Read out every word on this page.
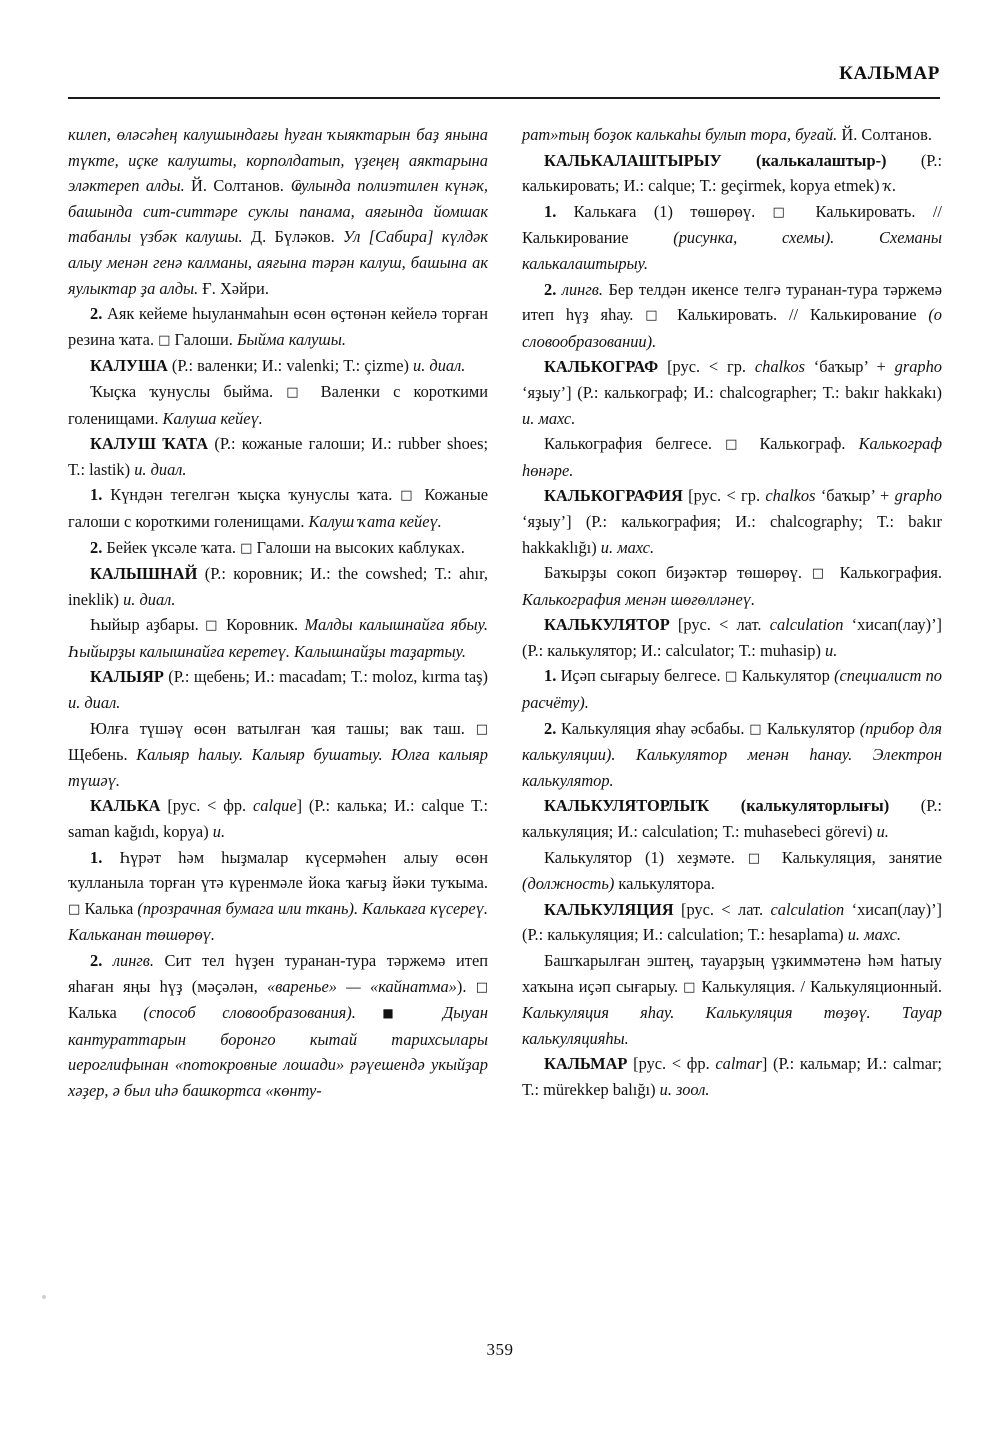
КАЛЬМАР

килеп, өләсәһең калушындағы һуған ҡыяктарын баҙ янына түкте, иҫке калушты, корполдатып, үҙеңең аяктарына эләктереп алды. Й. Солтанов. Ҩулында полиэтилен күнәк, башында сит-ситтәре суклы панама, аяғында йомшак табанлы үзбәк калушы. Д. Бүләков. Ул [Сабира] күлдәк алыу менән генә калманы, аяғына тәрән калуш, башына ак яулыктар ҙа алды. Ғ. Хәйри.

2. Аяк кейеме һыуланмаһын өсөн өҫтөнән кейелә торған резина ҡата. □ Галоши. Быйма калушы.

КАЛУША (Р.: валенки; И.: valenki; Т.: çizme) и. диал.

Ҡыҫка ҡунyслы быйма. □ Валенки с короткими голенищами. Калуша кейеү.

КАЛУШ ҠАТА (Р.: кожаные галоши; И.: rubber shoes; Т.: lastik) и. диал.

1. Күндән тегелгән ҡыҫка ҡунyслы ҡата. □ Кожаные галоши с короткими голенищами. Калуш ҡата кейеү.

2. Бейек үксәле ҡата. □ Галоши на высоких каблуках.

КАЛЫШНАЙ (Р.: коровник; И.: the cowshed; Т.: ahır, ineklik) и. диал.

Һыйыр аҙбары. □ Коровник. Малды калышнайға ябыу. Һыйырҙы калышнайға керетеү. Калышнайҙы таҙартыу.

КАЛЫЯР (Р.: щебень; И.: macadam; Т.: moloz, kırma taş) и. диал.

Юлға түшәү өсөн ватылған ҡая ташы; вак таш. □ Щебень. Калыяр һалыу. Калыяр бушатыу. Юлға калыяр түшәү.

КАЛЬКА [рус. < фр. calque] (Р.: калька; И.: calque Т.: saman kağıdı, kopya) и.

1. Һүрәт һәм һыҙмалар күсермәһен алыу өсөн ҡулланыла торған үтә күренмәле йока ҡағыҙ йәки туҡыма. □ Калька (прозрачная бумага или ткань). Калькаға күсереү. Кальканан төшөрөү.

2. лингв. Сит тел һүҙен туранан-тура тәржемә итеп яһаған яңы һүҙ (мәҫәлән, «варенье» — «кайнатма»). □ Калька (способ словообразования). ■ Дыуан кантураттарын боронго кытай тарихсылары иероглифынан «потокровные лошади» рәүешендә укыйҙар хәҙер, ә был иһә башкортса «көнту-

рат»тың боҙок калькаһы булып тора, буғай. Й. Солтанов.

КАЛЬКАЛАШТЫРЫУ (калькалаштыр-) (Р.: калькировать; И.: calque; Т.: geçirmek, kopya etmek) ҡ.

1. Калькаға (1) төшөрөү. □ Калькировать. // Калькирование (рисунка, схемы). Схеманы калькалаштырыу.

2. лингв. Бер телдән икенсе телгә туранан-тура тәржемә итеп һүҙ яһау. □ Калькировать. // Калькирование (о словообразовании).

КАЛЬКОГРАФ [рус. < гр. chalkos ‘баҡыр’ + grapho ‘яҙыу’] (Р.: калькограф; И.: chalcographer; Т.: bakır hakkakı) и. махс.

Калькография белгесе. □ Калькограф. Калькограф һөнәре.

КАЛЬКОГРАФИЯ [рус. < гр. chalkos ‘баҡыр’ + grapho ‘яҙыу’] (Р.: калькография; И.: chalcography; Т.: bakır hakkaklığı) и. махс.

Баҡырҙы сокоп биҙәктәр төшөрөү. □ Калькография. Калькография менән шөғөлләнеү.

КАЛЬКУЛЯТОР [рус. < лат. calculation ‘хисап(лау)’] (Р.: калькулятор; И.: calculator; Т.: muhasip) и.

1. Иҫәп сығарыу белгесе. □ Калькулятор (специалист по расчёту).

2. Калькуляция яһау әсбабы. □ Калькулятор (прибор для калькуляции). Калькулятор менән һанау. Электрон калькулятор.

КАЛЬКУЛЯТОРЛЫҠ (калькуляторлығы) (Р.: калькуляция; И.: calculation; Т.: muhasebeci görevi) и.

Калькулятор (1) хеҙмәте. □ Калькуляция, занятие (должность) калькулятора.

КАЛЬКУЛЯЦИЯ [рус. < лат. calculation ‘хисап(лау)’] (Р.: калькуляция; И.: calculation; Т.: hesaplama) и. махс.

Башҡарылған эштең, тауарҙың үҙкиммәтенә һәм һатыу хаҡына иҫәп сығарыу. □ Калькуляция. / Калькуляционный. Калькуляция яһау. Калькуляция төҙөү. Тауар калькуляцияһы.

КАЛЬМАР [рус. < фр. calmar] (Р.: кальмар; И.: calmar; Т.: mürekkep balığı) и. зоол.

359
